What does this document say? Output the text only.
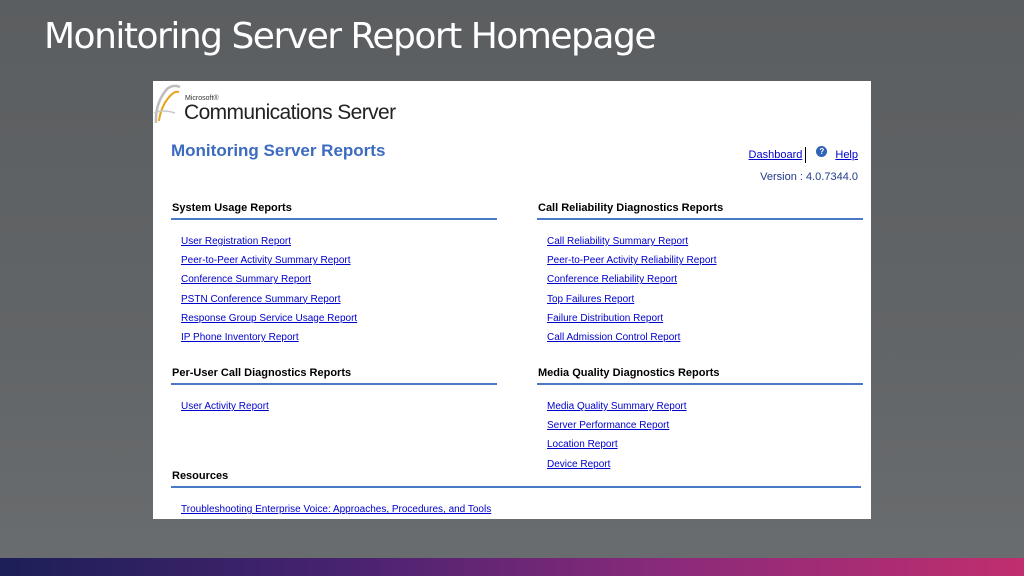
Monitoring Server Report Homepage
Microsoft®
Communications Server
Monitoring Server Reports	Dashboard ? Help
Version : 4.0.7344.0
System Usage Reports
User Registration Report
Peer-to-Peer Activity Summary Report
Conference Summary Report
PSTN Conference Summary Report
Response Group Service Usage Report
IP Phone Inventory Report
Call Reliability Diagnostics Reports
Call Reliability Summary Report
Peer-to-Peer Activity Reliability Report
Conference Reliability Report
Top Failures Report
Failure Distribution Report
Call Admission Control Report
Per-User Call Diagnostics Reports
User Activity Report
Media Quality Diagnostics Reports
Media Quality Summary Report
Server Performance Report
Location Report
Device Report
Resources
Troubleshooting Enterprise Voice: Approaches, Procedures, and Tools
